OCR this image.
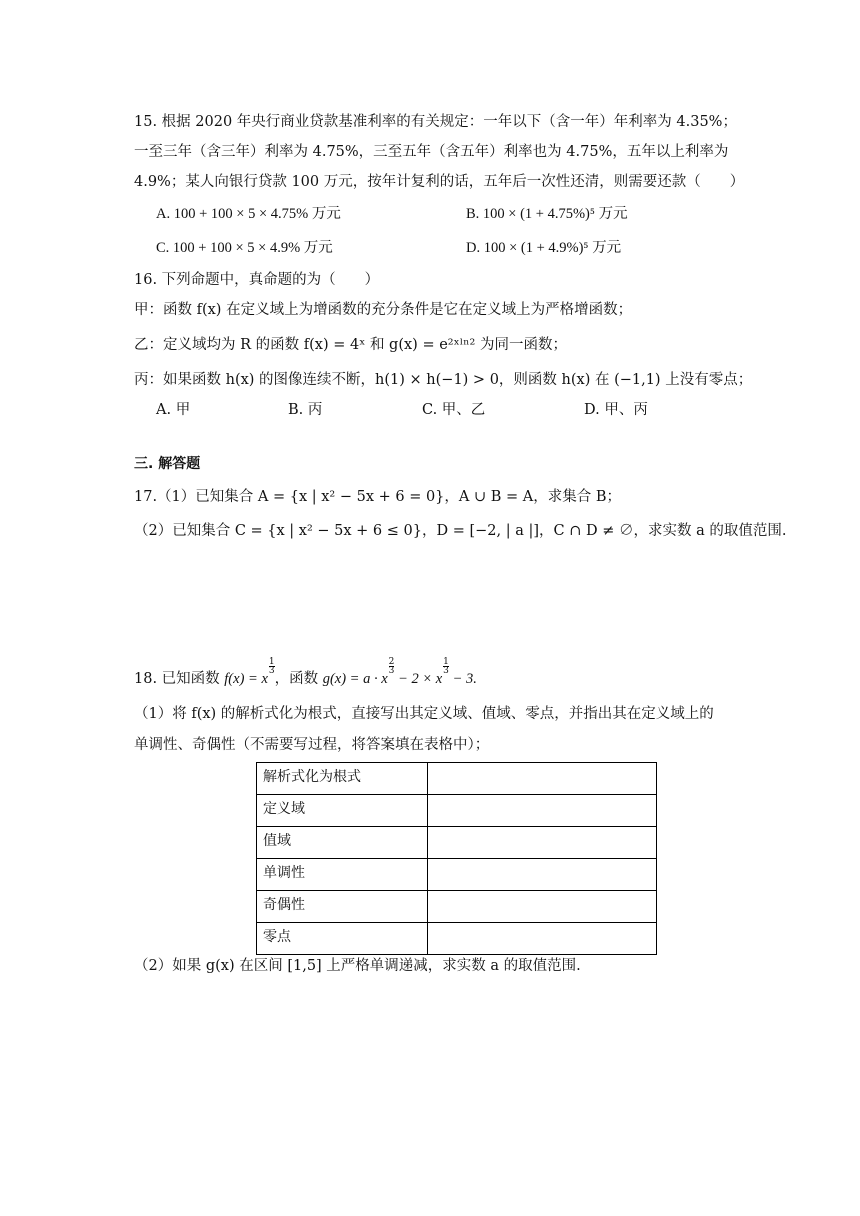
15. 根据 2020 年央行商业贷款基准利率的有关规定：一年以下（含一年）年利率为 4.35%；
一至三年（含三年）利率为 4.75%，三至五年（含五年）利率也为 4.75%，五年以上利率为
4.9%；某人向银行贷款 100 万元，按年计复利的话，五年后一次性还清，则需要还款（　　）
A. 100 + 100 × 5 × 4.75% 万元	B. 100 × (1 + 4.75%)⁵ 万元
C. 100 + 100 × 5 × 4.9% 万元	D. 100 × (1 + 4.9%)⁵ 万元
16. 下列命题中，真命题的为（　　）
甲：函数 f(x) 在定义域上为增函数的充分条件是它在定义域上为严格增函数；
乙：定义域均为 R 的函数 f(x) = 4ˣ 和 g(x) = e²ˣˡⁿ² 为同一函数；
丙：如果函数 h(x) 的图像连续不断，h(1) × h(−1) > 0，则函数 h(x) 在 (−1,1) 上没有零点；
A. 甲	B. 丙	C. 甲、乙	D. 甲、丙
三. 解答题
17.（1）已知集合 A = {x | x² − 5x + 6 = 0}，A ∪ B = A，求集合 B；
（2）已知集合 C = {x | x² − 5x + 6 ≤ 0}，D = [−2, | a |]，C ∩ D ≠ ∅，求实数 a 的取值范围.
18. 已知函数 f(x) = x
$\frac{1}{3}$
，函数 g(x) = a · x
$\frac{2}{3}$
− 2 × x
$\frac{1}{3}$
− 3.
（1）将 f(x) 的解析式化为根式，直接写出其定义域、值域、零点，并指出其在定义域上的
单调性、奇偶性（不需要写过程，将答案填在表格中）；
解析式化为根式	
定义域	
值域	
单调性	
奇偶性	
零点	
（2）如果 g(x) 在区间 [1,5] 上严格单调递减，求实数 a 的取值范围.
